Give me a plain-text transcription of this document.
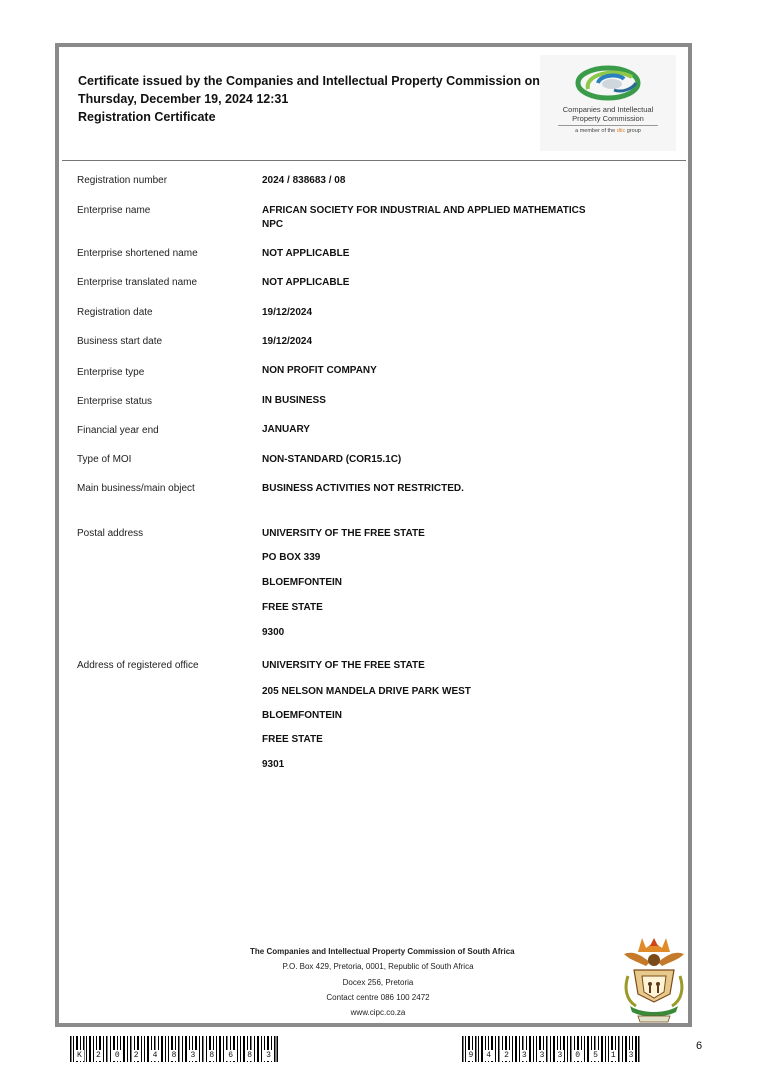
Certificate issued by the Companies and Intellectual Property Commission on
Thursday, December 19, 2024 12:31
Registration Certificate
Companies and Intellectual
Property Commission
a member of the dtic group
Registration number	2024 / 838683 / 08
Enterprise name	AFRICAN SOCIETY FOR INDUSTRIAL AND APPLIED MATHEMATICS NPC
Enterprise shortened name	NOT APPLICABLE
Enterprise translated name	NOT APPLICABLE
Registration date	19/12/2024
Business start date	19/12/2024
Enterprise type	NON PROFIT COMPANY
Enterprise status	IN BUSINESS
Financial year end	JANUARY
Type of MOI	NON-STANDARD (COR15.1C)
Main business/main object	BUSINESS ACTIVITIES NOT RESTRICTED.
Postal address	UNIVERSITY OF THE FREE STATE
PO BOX 339
BLOEMFONTEIN
FREE STATE
9300
Address of registered office	UNIVERSITY OF THE FREE STATE
205 NELSON MANDELA DRIVE PARK WEST
BLOEMFONTEIN
FREE STATE
9301
The Companies and Intellectual Property Commission of South Africa
P.O. Box 429, Pretoria, 0001, Republic of South Africa
Docex 256, Pretoria
Contact centre 086 100 2472
www.cipc.co.za
K 2 0 2 4 8 3 8 6 8 3	9 4 2 3 3 3 0 5 1 3
6
